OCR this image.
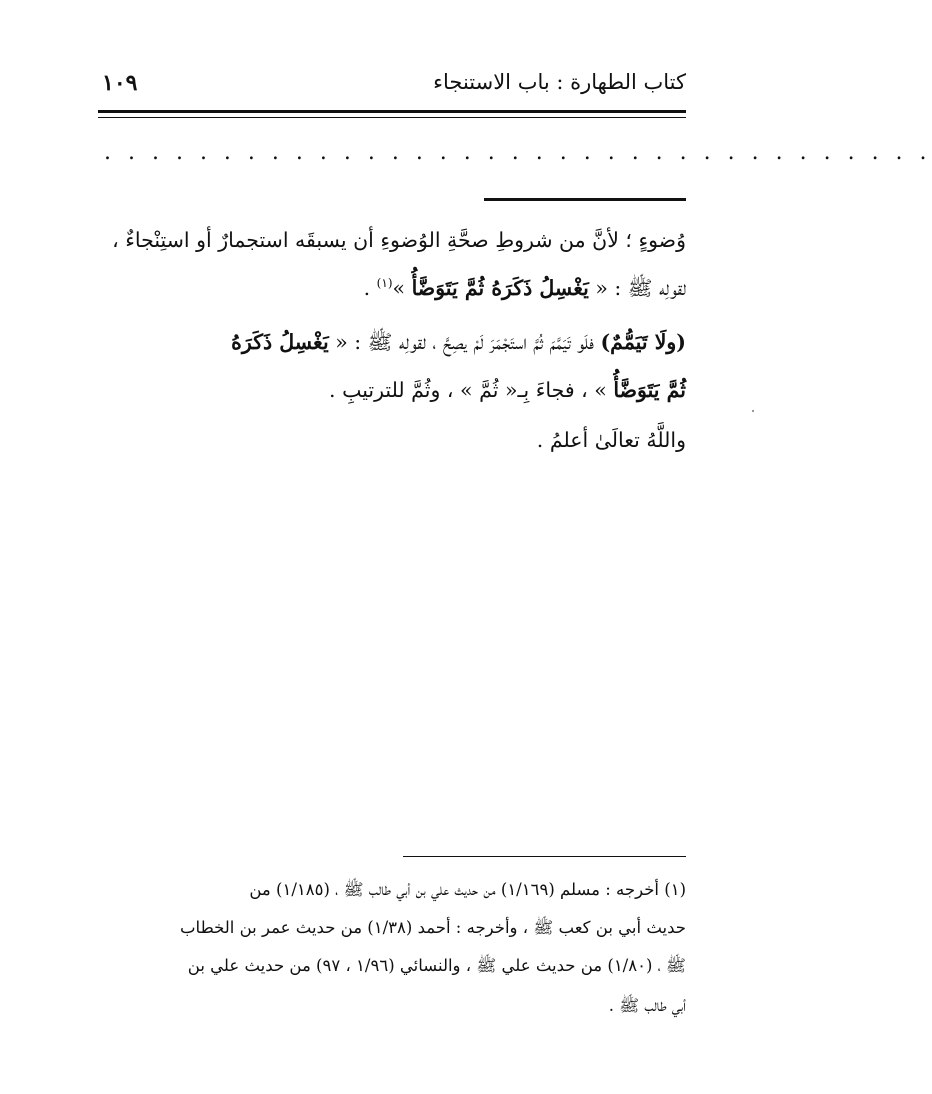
كتاب الطهارة : باب الاستنجاء
١٠٩
. . . . . . . . . . . . . . . . . . . . . . . . . . . . . . . . . . .
وُضوءٍ ؛ لأنَّ من شروطِ صحَّةِ الوُضوءِ أن يسبقَه استجمارٌ أو استِنْجاءٌ ،
لقولِه ﷺ : « يَغْسِلُ ذَكَرَهُ ثُمَّ يَتَوَضَّأُ »$^{(١)}$ .
(ولَا تَيَمُّمٌ) فلَو تَيَمَّمَ ثُمَّ استَجْمَرَ لَمْ يصِحَّ ، لقولِه ﷺ : « يَغْسِلُ ذَكَرَهُ
ثُمَّ يَتَوَضَّأُ » ، فجاءَ بِـ« ثُمَّ » ، وثُمَّ للترتيبِ .
واللَّهُ تعالَىٰ أعلمُ .
(١) أخرجه : مسلم (١/١٦٩) من حديث علي بن أبي طالب ﷺ ، (١/١٨٥) من
حديث أبي بن كعب ﷺ ، وأخرجه : أحمد (١/٣٨) من حديث عمر بن الخطاب
ﷺ ، (١/٨٠) من حديث علي ﷺ ، والنسائي (١/٩٦ ، ٩٧) من حديث علي بن
أبي طالب ﷺ .
